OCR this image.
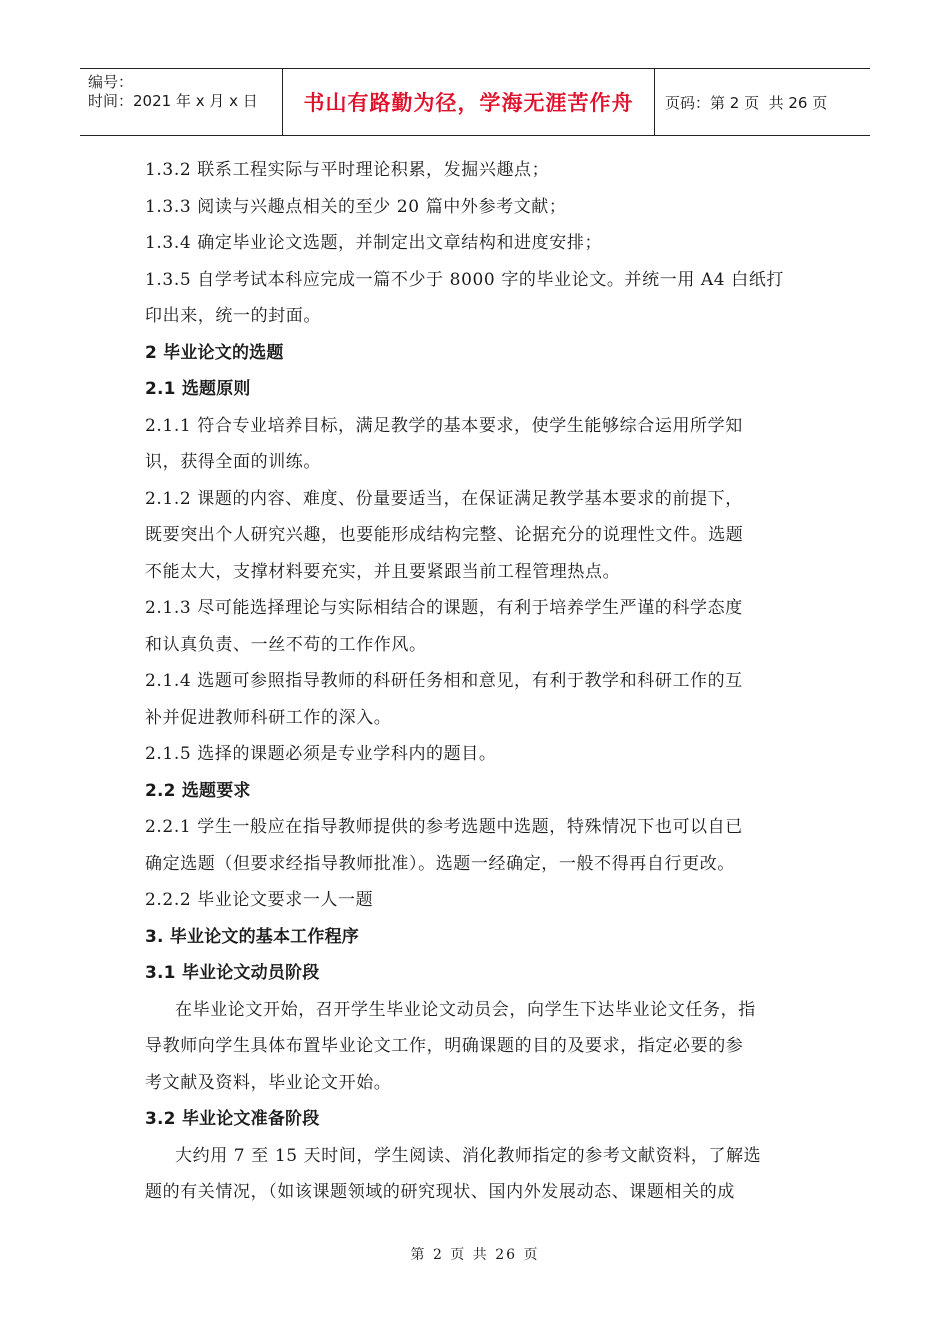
编号：
时间：2021 年 x 月 x 日	书山有路勤为径，学海无涯苦作舟 页码：第 2 页  共 26 页
1.3.2 联系工程实际与平时理论积累，发掘兴趣点；
1.3.3 阅读与兴趣点相关的至少 20 篇中外参考文献；
1.3.4 确定毕业论文选题，并制定出文章结构和进度安排；
1.3.5 自学考试本科应完成一篇不少于 8000 字的毕业论文。并统一用 A4 白纸打
印出来，统一的封面。
2 毕业论文的选题
2.1 选题原则
2.1.1 符合专业培养目标，满足教学的基本要求，使学生能够综合运用所学知
识，获得全面的训练。
2.1.2 课题的内容、难度、份量要适当，在保证满足教学基本要求的前提下，
既要突出个人研究兴趣，也要能形成结构完整、论据充分的说理性文件。选题
不能太大，支撑材料要充实，并且要紧跟当前工程管理热点。
2.1.3 尽可能选择理论与实际相结合的课题，有利于培养学生严谨的科学态度
和认真负责、一丝不苟的工作作风。
2.1.4 选题可参照指导教师的科研任务相和意见，有利于教学和科研工作的互
补并促进教师科研工作的深入。
2.1.5 选择的课题必须是专业学科内的题目。
2.2 选题要求
2.2.1 学生一般应在指导教师提供的参考选题中选题，特殊情况下也可以自已
确定选题（但要求经指导教师批准）。选题一经确定，一般不得再自行更改。
2.2.2 毕业论文要求一人一题
3. 毕业论文的基本工作程序
3.1 毕业论文动员阶段
在毕业论文开始，召开学生毕业论文动员会，向学生下达毕业论文任务，指
导教师向学生具体布置毕业论文工作，明确课题的目的及要求，指定必要的参
考文献及资料，毕业论文开始。
3.2 毕业论文准备阶段
大约用 7 至 15 天时间，学生阅读、消化教师指定的参考文献资料，了解选
题的有关情况，（如该课题领域的研究现状、国内外发展动态、课题相关的成
第 2 页 共 26 页
